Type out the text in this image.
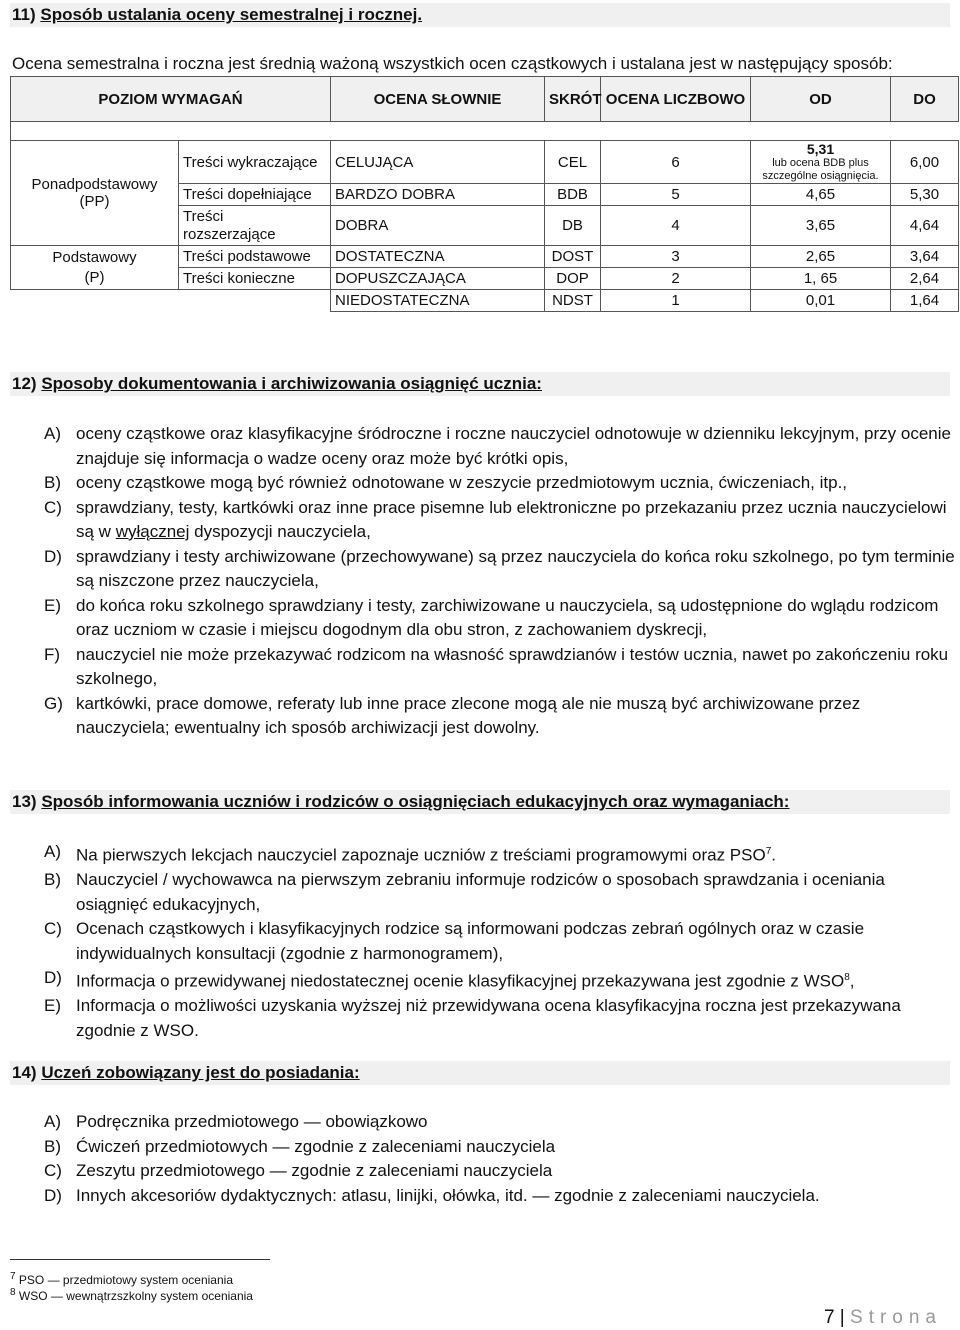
11) Sposób ustalania oceny semestralnej i rocznej.
Ocena semestralna i roczna jest średnią ważoną wszystkich ocen cząstkowych i ustalana jest w następujący sposób:
POZIOM WYMAGAŃ		OCENA SŁOWNIE	SKRÓT	OCENA LICZBOWO	OD	DO

Ponadpodstawowy
(PP)	Treści wykraczające	CELUJĄCA	CEL	6	5,31
lub ocena BDB plus
szczególne osiągnięcia.	6,00
	Treści dopełniające	BARDZO DOBRA	BDB	5	4,65	5,30
	Treści
rozszerzające	DOBRA	DB	4	3,65	4,64
Podstawowy
(P)	Treści podstawowe	DOSTATECZNA	DOST	3	2,65	3,64
	Treści konieczne	DOPUSZCZAJĄCA	DOP	2	1, 65	2,64
		NIEDOSTATECZNA	NDST	1	0,01	1,64
12) Sposoby dokumentowania i archiwizowania osiągnięć ucznia:
A) oceny cząstkowe oraz klasyfikacyjne śródroczne i roczne nauczyciel odnotowuje w dzienniku lekcyjnym, przy ocenie znajduje się informacja o wadze oceny oraz może być krótki opis,
B) oceny cząstkowe mogą być również odnotowane w zeszycie przedmiotowym ucznia, ćwiczeniach, itp.,
C) sprawdziany, testy, kartkówki oraz inne prace pisemne lub elektroniczne po przekazaniu przez ucznia nauczycielowi są w wyłącznej dyspozycji nauczyciela,
D) sprawdziany i testy archiwizowane (przechowywane) są przez nauczyciela do końca roku szkolnego, po tym terminie są niszczone przez nauczyciela,
E) do końca roku szkolnego sprawdziany i testy, zarchiwizowane u nauczyciela, są udostępnione do wglądu rodzicom oraz uczniom w czasie i miejscu dogodnym dla obu stron, z zachowaniem dyskrecji,
F) nauczyciel nie może przekazywać rodzicom na własność sprawdzianów i testów ucznia, nawet po zakończeniu roku szkolnego,
G) kartkówki, prace domowe, referaty lub inne prace zlecone mogą ale nie muszą być archiwizowane przez nauczyciela; ewentualny ich sposób archiwizacji jest dowolny.
13) Sposób informowania uczniów i rodziców o osiągnięciach edukacyjnych oraz wymaganiach:
A) Na pierwszych lekcjach nauczyciel zapoznaje uczniów z treściami programowymi oraz PSO$^7$.
B) Nauczyciel / wychowawca na pierwszym zebraniu informuje rodziców o sposobach sprawdzania i oceniania osiągnięć edukacyjnych,
C) Ocenach cząstkowych i klasyfikacyjnych rodzice są informowani podczas zebrań ogólnych oraz w czasie indywidualnych konsultacji (zgodnie z harmonogramem),
D) Informacja o przewidywanej niedostatecznej ocenie klasyfikacyjnej przekazywana jest zgodnie z WSO$^8$,
E) Informacja o możliwości uzyskania wyższej niż przewidywana ocena klasyfikacyjna roczna jest przekazywana zgodnie z WSO.
14) Uczeń zobowiązany jest do posiadania:
A) Podręcznika przedmiotowego — obowiązkowo
B) Ćwiczeń przedmiotowych — zgodnie z zaleceniami nauczyciela
C) Zeszytu przedmiotowego — zgodnie z zaleceniami nauczyciela
D) Innych akcesoriów dydaktycznych: atlasu, linijki, ołówka, itd. — zgodnie z zaleceniami nauczyciela.
$^7$ PSO — przedmiotowy system oceniania
$^8$ WSO — wewnątrzszkolny system oceniania
7 | Strona
